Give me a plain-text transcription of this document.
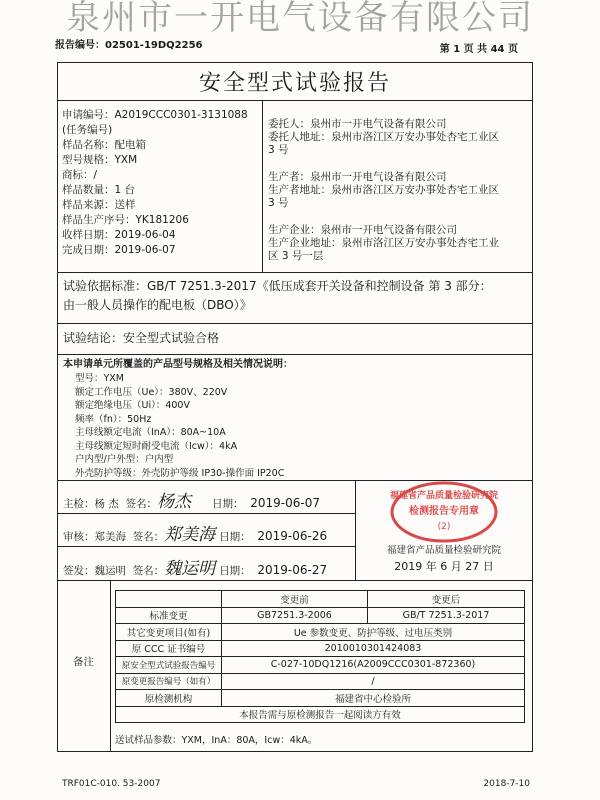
泉州市一开电气设备有限公司
报告编号：02501-19DQ2256	第 1 页 共 44 页
安全型式试验报告
申请编号：A2019CCC0301-3131088
(任务编号)
样品名称：配电箱
型号规格：YXM
商标：/
样品数量：1 台
样品来源：送样
样品生产序号：YK181206
收样日期：2019-06-04
完成日期：2019-06-07
委托人：泉州市一开电气设备有限公司
委托人地址：泉州市洛江区万安办事处杏宅工业区
3 号
生产者：泉州市一开电气设备有限公司
生产者地址：泉州市洛江区万安办事处杏宅工业区
3 号
生产企业：泉州市一开电气设备有限公司
生产企业地址：泉州市洛江区万安办事处杏宅工业
区 3 号一层
试验依据标准：GB/T 7251.3-2017《低压成套开关设备和控制设备 第 3 部分：
由一般人员操作的配电板（DBO）》
试验结论：安全型式试验合格
本申请单元所覆盖的产品型号规格及相关情况说明：
型号：YXM
额定工作电压（Ue）：380V、220V
额定绝缘电压（Ui）：400V
频率（fn）：50Hz
主母线额定电流（InA）：80A~10A
主母线额定短时耐受电流（Icw）：4kA
户内型/户外型：户内型
外壳防护等级：外壳防护等级 IP30-操作面 IP20C
主检：杨 杰 签名：杨杰 日期： 2019-06-07
审核：郑美海 签名：郑美海 日期： 2019-06-26
签发：魏运明 签名：魏运明 日期： 2019-06-27
福建省产品质量检验研究院
检测报告专用章
(2)
福建省产品质量检验研究院
2019 年 6 月 27 日
备注
	变更前	变更后
标准变更	GB7251.3-2006	GB/T 7251.3-2017
其它变更项目(如有)	Ue 参数变更、防护等级、过电压类别	
原 CCC 证书编号	2010010301424083	
原安全型式试验报告编号	C-027-10DQ1216(A2009CCC0301-872360)	
原变更报告编号（如有）	/	
原检测机构	福建省中心检验所	
本报告需与原检测报告一起阅读方有效		
送试样品参数：YXM，InA：80A，Icw：4kA。
TRF01C-010. 53-2007	2018-7-10
